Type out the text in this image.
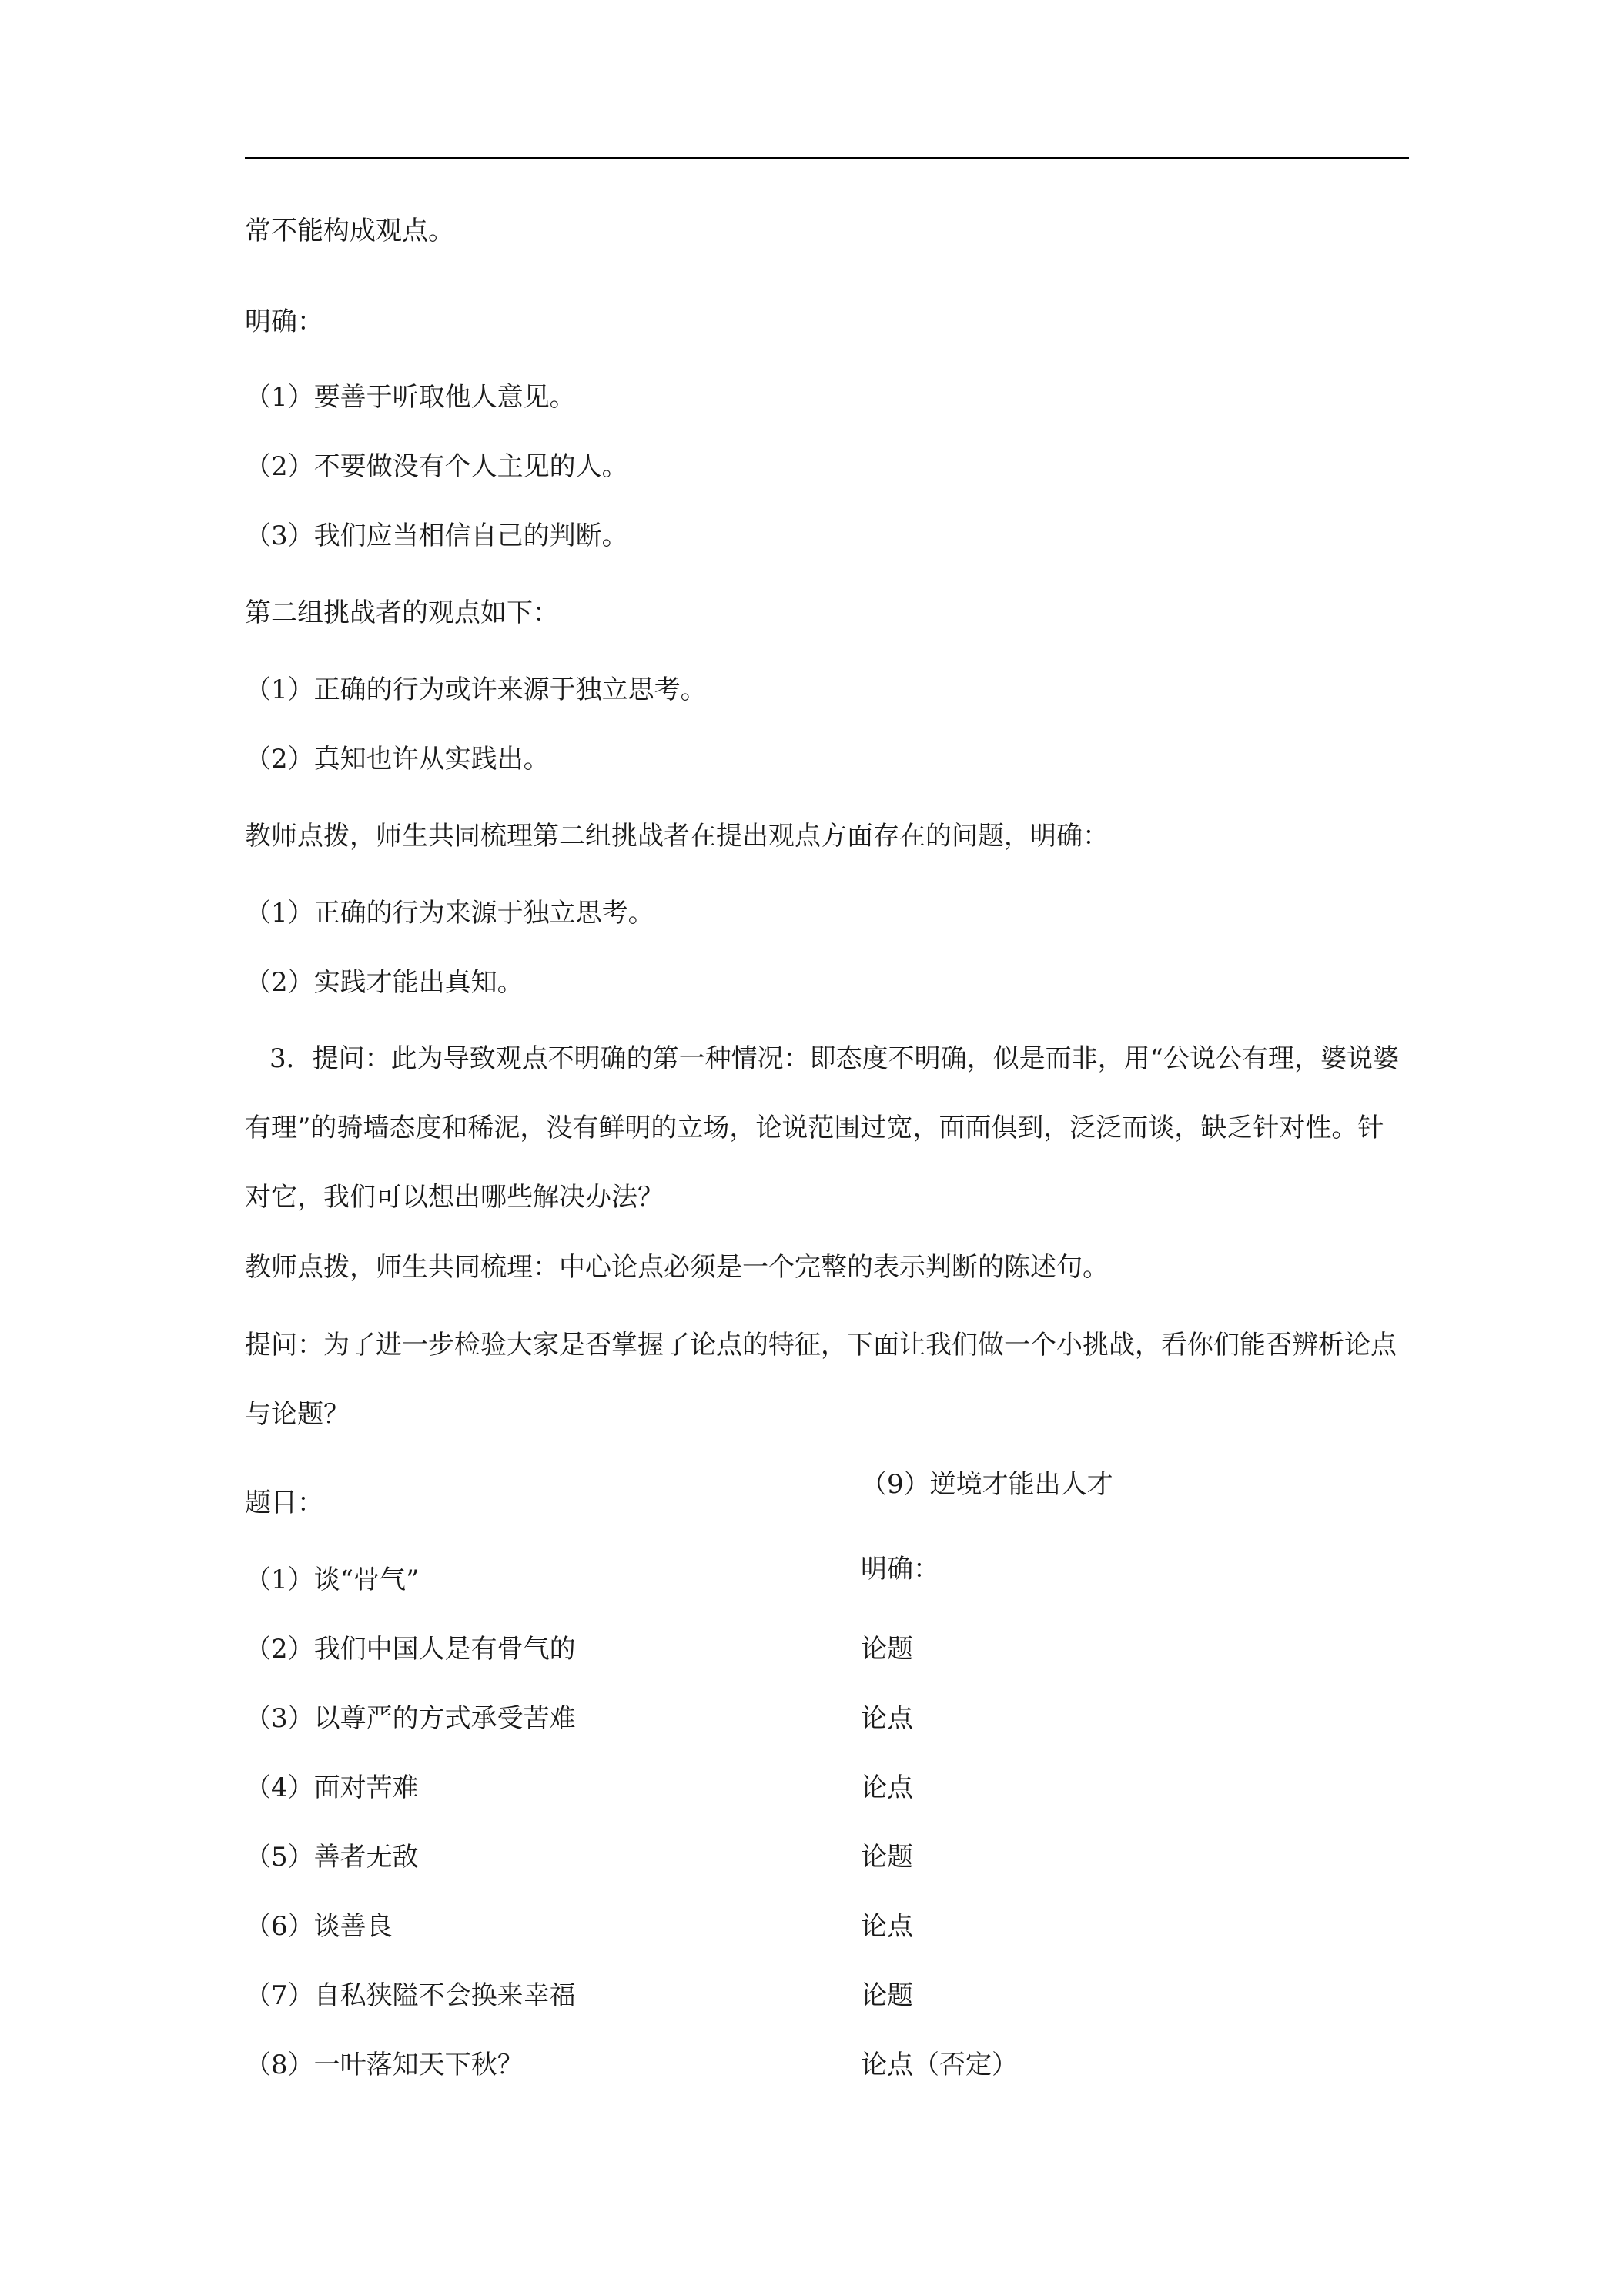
常不能构成观点。
明确：
（1）要善于听取他人意见。
（2）不要做没有个人主见的人。
（3）我们应当相信自己的判断。
第二组挑战者的观点如下：
（1）正确的行为或许来源于独立思考。
（2）真知也许从实践出。
教师点拨，师生共同梳理第二组挑战者在提出观点方面存在的问题，明确：
（1）正确的行为来源于独立思考。
（2）实践才能出真知。
3．提问：此为导致观点不明确的第一种情况：即态度不明确，似是而非，用“公说公有理，婆说婆有理”的骑墙态度和稀泥，没有鲜明的立场，论说范围过宽，面面俱到，泛泛而谈，缺乏针对性。针对它，我们可以想出哪些解决办法？
教师点拨，师生共同梳理：中心论点必须是一个完整的表示判断的陈述句。
提问：为了进一步检验大家是否掌握了论点的特征，下面让我们做一个小挑战，看你们能否辨析论点与论题？
题目：
（9）逆境才能出人才
（1）谈“骨气”
（2）我们中国人是有骨气的
（3）以尊严的方式承受苦难
（4）面对苦难
（5）善者无敌
（6）谈善良
（7）自私狭隘不会换来幸福
（8）一叶落知天下秋？
明确：
论题
论点
论点
论题
论点
论题
论点（否定）
